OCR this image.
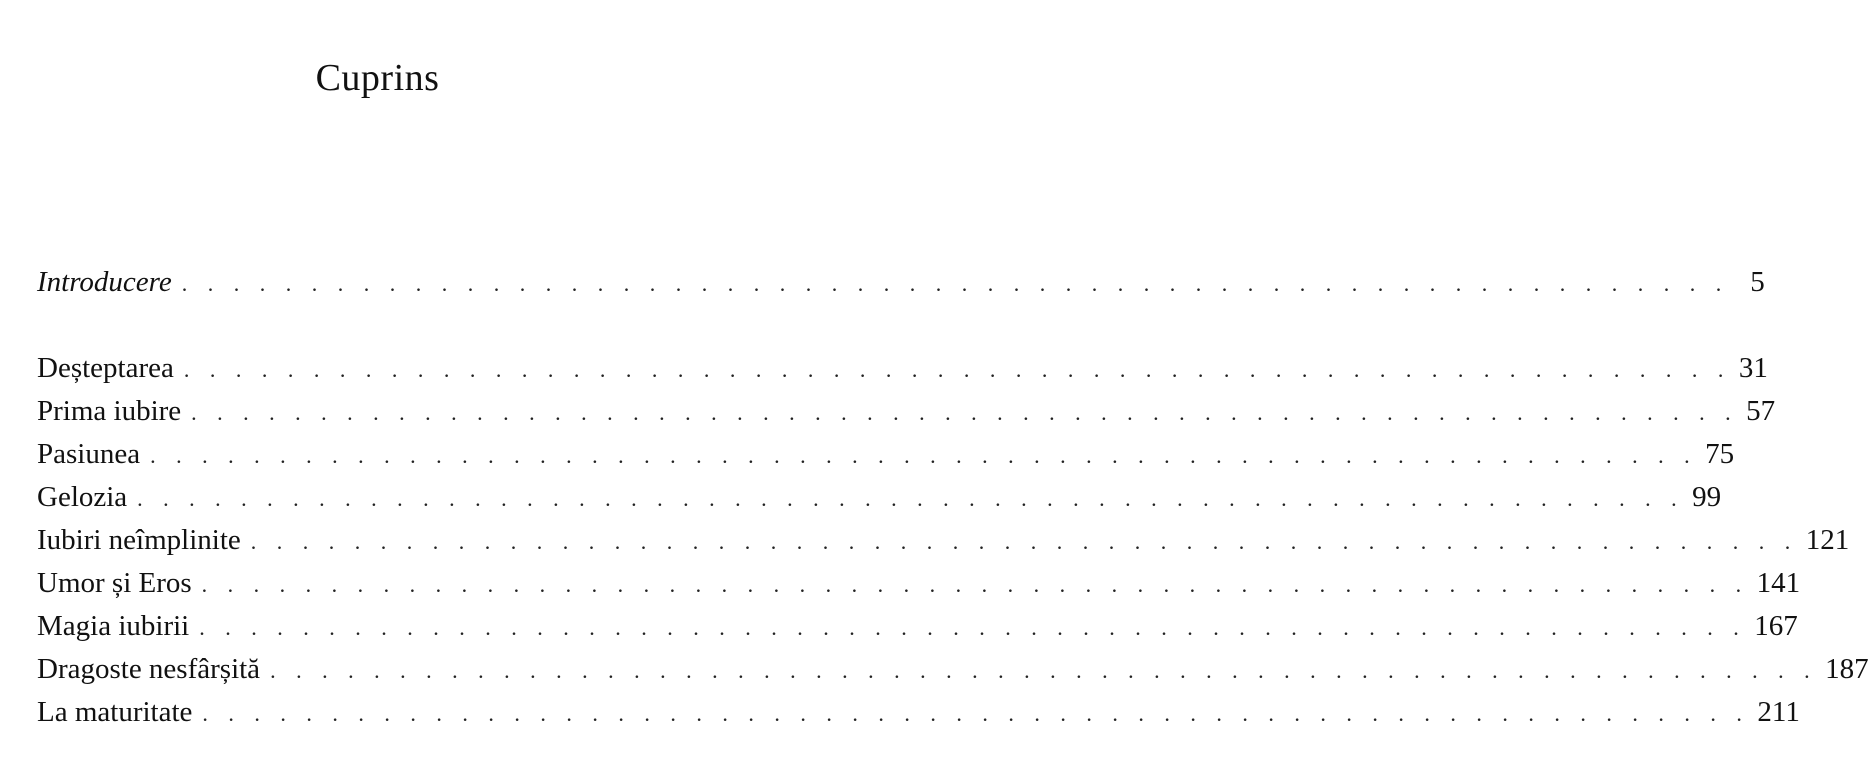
Cuprins
Introducere . . . . . . . . . . . . . . . . . . . . . . . . . . . . . . . . . . . . . . . . . . . . . . . . . . . . . . . . . . . . 5
Deșteptarea . . . . . . . . . . . . . . . . . . . . . . . . . . . . . . . . . . . . . . . . . . . . . . . . . . . . . . . . . . . . 31
Prima iubire . . . . . . . . . . . . . . . . . . . . . . . . . . . . . . . . . . . . . . . . . . . . . . . . . . . . . . . . . . . . 57
Pasiunea . . . . . . . . . . . . . . . . . . . . . . . . . . . . . . . . . . . . . . . . . . . . . . . . . . . . . . . . . . . . 75
Gelozia . . . . . . . . . . . . . . . . . . . . . . . . . . . . . . . . . . . . . . . . . . . . . . . . . . . . . . . . . . . . 99
Iubiri neîmplinite . . . . . . . . . . . . . . . . . . . . . . . . . . . . . . . . . . . . . . . . . . . . . . . . . . . . . . . . . . . . 121
Umor și Eros . . . . . . . . . . . . . . . . . . . . . . . . . . . . . . . . . . . . . . . . . . . . . . . . . . . . . . . . . . . . 141
Magia iubirii . . . . . . . . . . . . . . . . . . . . . . . . . . . . . . . . . . . . . . . . . . . . . . . . . . . . . . . . . . . . 167
Dragoste nesfârșită . . . . . . . . . . . . . . . . . . . . . . . . . . . . . . . . . . . . . . . . . . . . . . . . . . . . . . . . . . . . 187
La maturitate . . . . . . . . . . . . . . . . . . . . . . . . . . . . . . . . . . . . . . . . . . . . . . . . . . . . . . . . . . . . 211
